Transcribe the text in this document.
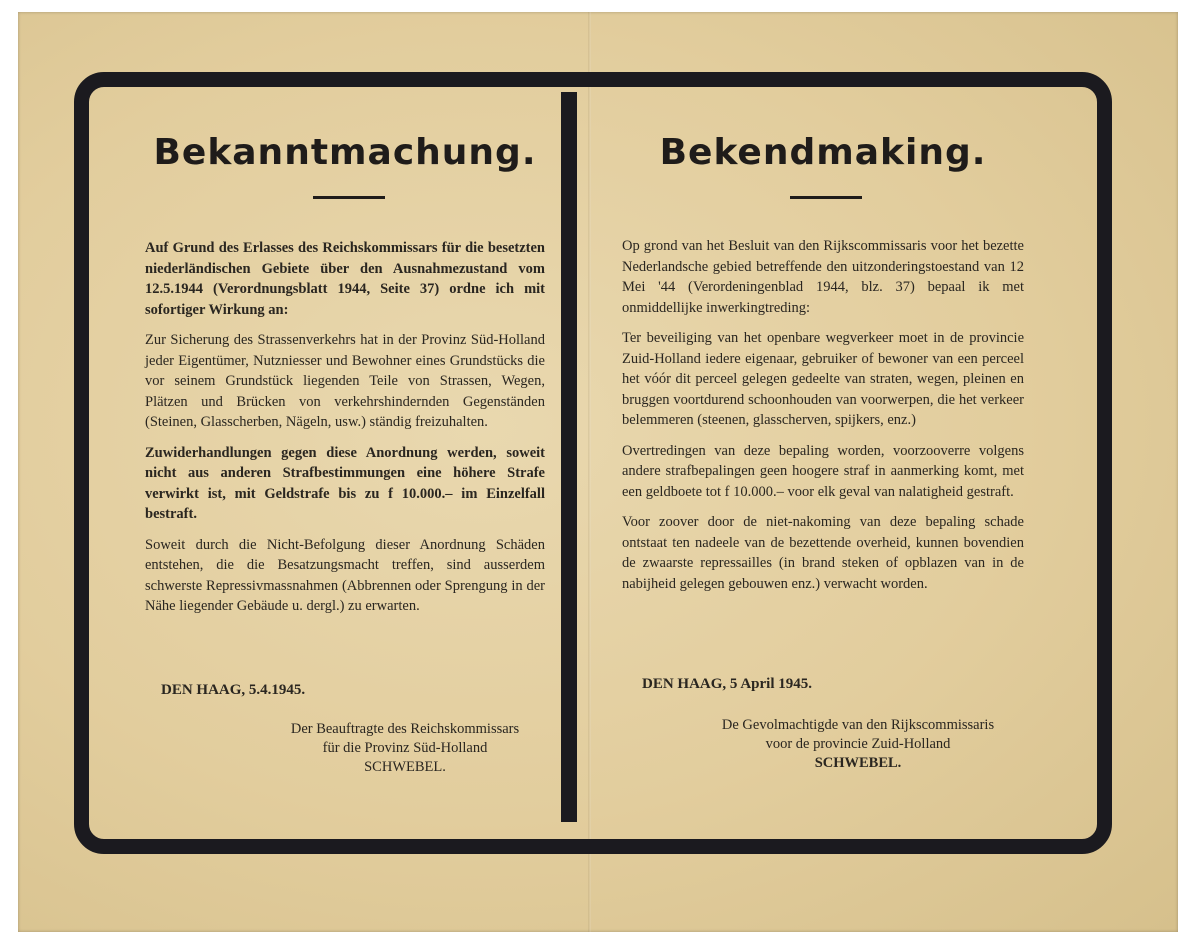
Bekanntmachung.

Auf Grund des Erlasses des Reichskommissars für die besetzten niederländischen Gebiete über den Ausnahmezustand vom 12.5.1944 (Verordnungsblatt 1944, Seite 37) ordne ich mit sofortiger Wirkung an:

Zur Sicherung des Strassenverkehrs hat in der Provinz Süd-Holland jeder Eigentümer, Nutzniesser und Bewohner eines Grundstücks die vor seinem Grundstück liegenden Teile von Strassen, Wegen, Plätzen und Brücken von verkehrshindernden Gegenständen (Steinen, Glasscherben, Nägeln, usw.) ständig freizuhalten.

Zuwiderhandlungen gegen diese Anordnung werden, soweit nicht aus anderen Strafbestimmungen eine höhere Strafe verwirkt ist, mit Geldstrafe bis zu f 10.000.– im Einzelfall bestraft.

Soweit durch die Nicht-Befolgung dieser Anordnung Schäden entstehen, die die Besatzungsmacht treffen, sind ausserdem schwerste Repressivmassnahmen (Abbrennen oder Sprengung in der Nähe liegender Gebäude u. dergl.) zu erwarten.

DEN HAAG, 5.4.1945.
Der Beauftragte des Reichskommissars
für die Provinz Süd-Holland
SCHWEBEL.
Bekendmaking.

Op grond van het Besluit van den Rijkscommissaris voor het bezette Nederlandsche gebied betreffende den uitzonderingstoestand van 12 Mei '44 (Verordeningenblad 1944, blz. 37) bepaal ik met onmiddellijke inwerkingtreding:

Ter beveiliging van het openbare wegverkeer moet in de provincie Zuid-Holland iedere eigenaar, gebruiker of bewoner van een perceel het vóór dit perceel gelegen gedeelte van straten, wegen, pleinen en bruggen voortdurend schoonhouden van voorwerpen, die het verkeer belemmeren (steenen, glasscherven, spijkers, enz.)

Overtredingen van deze bepaling worden, voorzooverre volgens andere strafbepalingen geen hoogere straf in aanmerking komt, met een geldboete tot f 10.000.– voor elk geval van nalatigheid gestraft.

Voor zoover door de niet-nakoming van deze bepaling schade ontstaat ten nadeele van de bezettende overheid, kunnen bovendien de zwaarste repressailles (in brand steken of opblazen van in de nabijheid gelegen gebouwen enz.) verwacht worden.

DEN HAAG, 5 April 1945.
De Gevolmachtigde van den Rijkscommissaris
voor de provincie Zuid-Holland
SCHWEBEL.
